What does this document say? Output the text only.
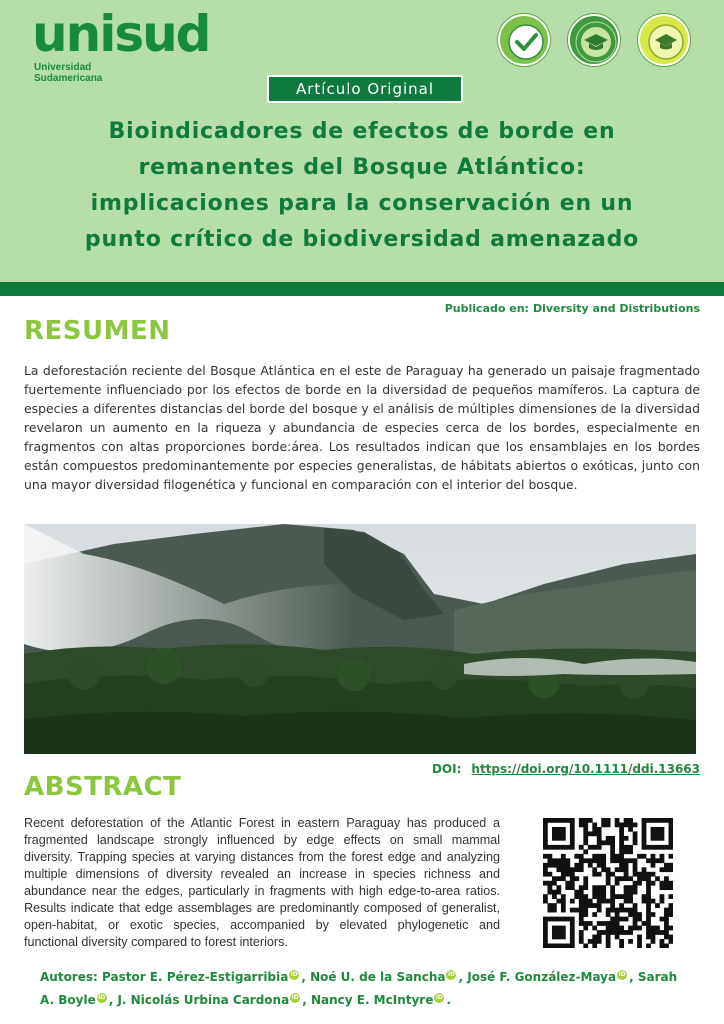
unisud
Universidad
Sudamericana
Artículo Original
Bioindicadores de efectos de borde en
remanentes del Bosque Atlántico:
implicaciones para la conservación en un
punto crítico de biodiversidad amenazado
Publicado en: Diversity and Distributions
RESUMEN
La deforestación reciente del Bosque Atlántica en el este de Paraguay ha generado un paisaje fragmentado fuertemente influenciado por los efectos de borde en la diversidad de pequeños mamíferos. La captura de especies a diferentes distancias del borde del bosque y el análisis de múltiples dimensiones de la diversidad revelaron un aumento en la riqueza y abundancia de especies cerca de los bordes, especialmente en fragmentos con altas proporciones borde:área. Los resultados indican que los ensamblajes en los bordes están compuestos predominantemente por especies generalistas, de hábitats abiertos o exóticas, junto con una mayor diversidad filogenética y funcional en comparación con el interior del bosque.
DOI: https://doi.org/10.1111/ddi.13663
ABSTRACT
Recent deforestation of the Atlantic Forest in eastern Paraguay has produced a fragmented landscape strongly influenced by edge effects on small mammal diversity. Trapping species at varying distances from the forest edge and analyzing multiple dimensions of diversity revealed an increase in species richness and abundance near the edges, particularly in fragments with high edge-to-area ratios. Results indicate that edge assemblages are predominantly composed of generalist, open-habitat, or exotic species, accompanied by elevated phylogenetic and functional diversity compared to forest interiors.
Autores: Pastor E. Pérez-Estigarribia iD , Noé U. de la Sancha iD , José F. González-Maya iD , Sarah A. Boyle iD , J. Nicolás Urbina Cardona iD , Nancy E. McIntyre iD .
